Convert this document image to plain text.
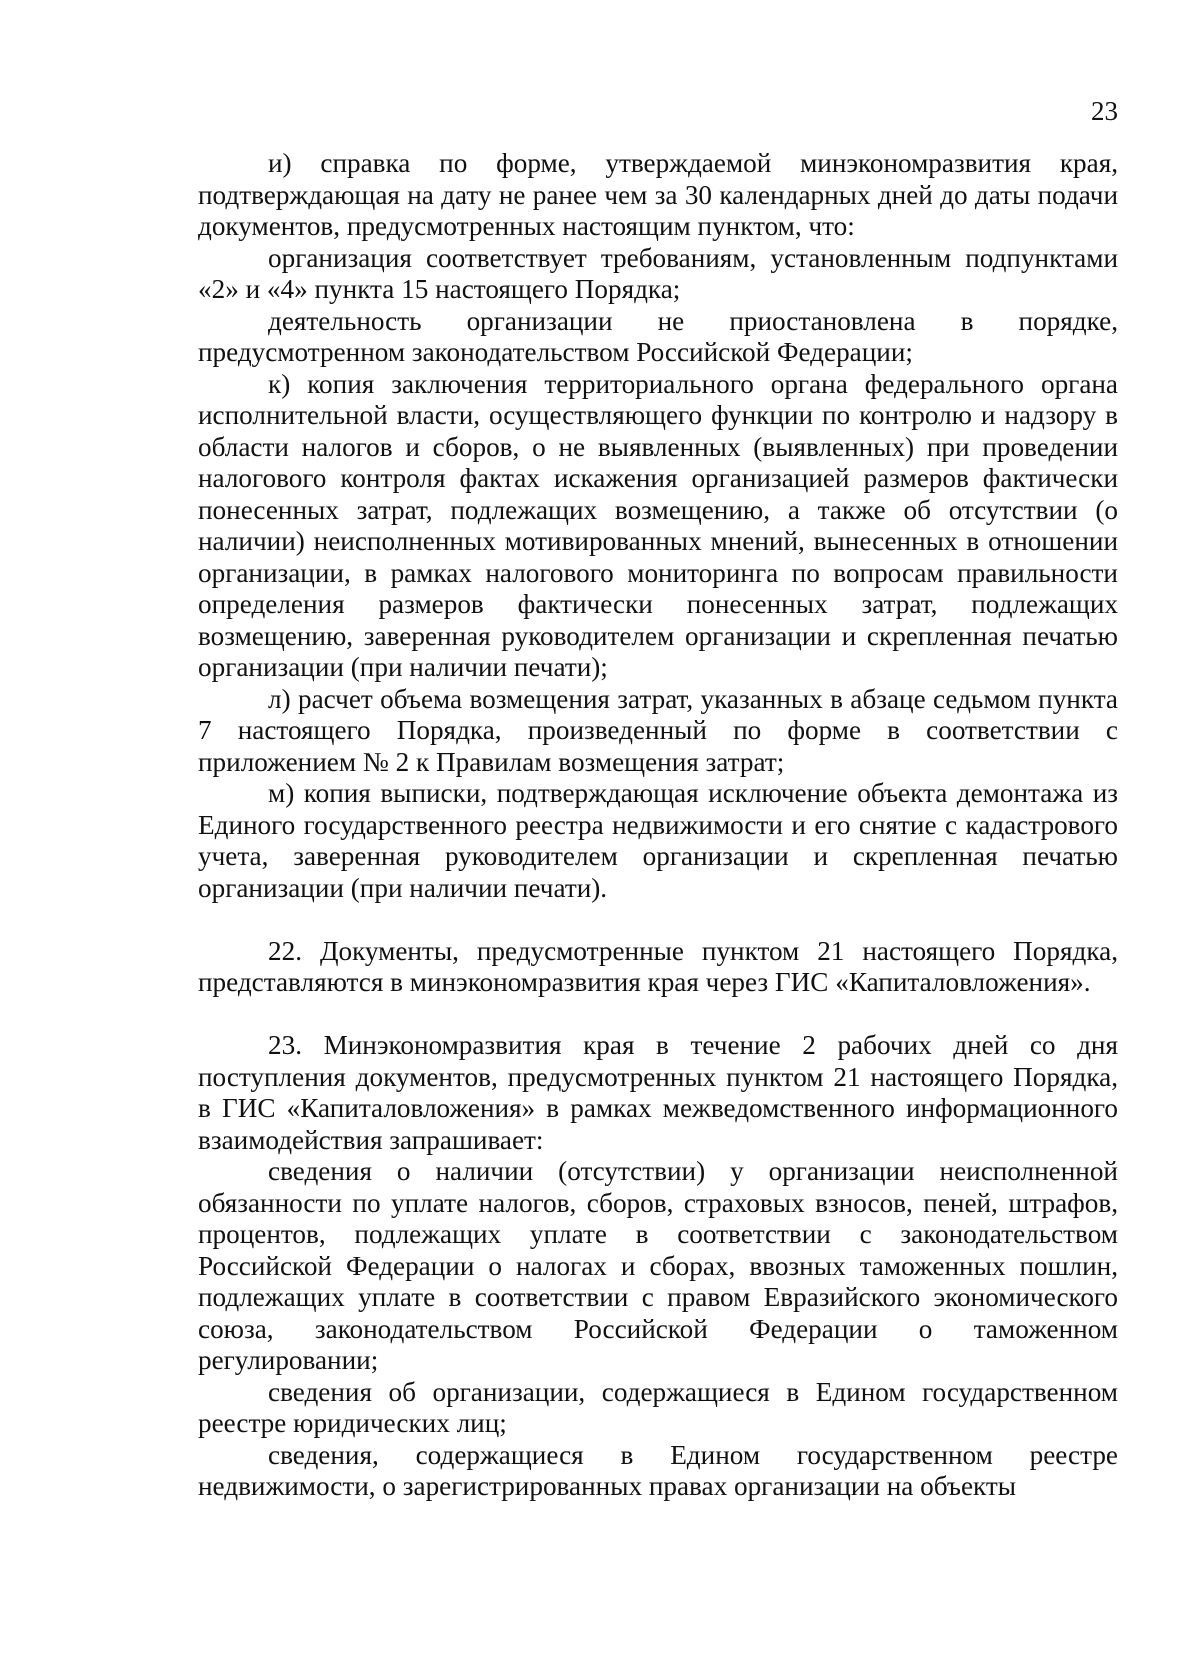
23

и) справка по форме, утверждаемой минэкономразвития края, подтверждающая на дату не ранее чем за 30 календарных дней до даты подачи документов, предусмотренных настоящим пунктом, что:

организация соответствует требованиям, установленным подпунктами «2» и «4» пункта 15 настоящего Порядка;

деятельность организации не приостановлена в порядке, предусмотренном законодательством Российской Федерации;

к) копия заключения территориального органа федерального органа исполнительной власти, осуществляющего функции по контролю и надзору в области налогов и сборов, о не выявленных (выявленных) при проведении налогового контроля фактах искажения организацией размеров фактически понесенных затрат, подлежащих возмещению, а также об отсутствии (о наличии) неисполненных мотивированных мнений, вынесенных в отношении организации, в рамках налогового мониторинга по вопросам правильности определения размеров фактически понесенных затрат, подлежащих возмещению, заверенная руководителем организации и скрепленная печатью организации (при наличии печати);

л) расчет объема возмещения затрат, указанных в абзаце седьмом пункта 7 настоящего Порядка, произведенный по форме в соответствии с приложением № 2 к Правилам возмещения затрат;

м) копия выписки, подтверждающая исключение объекта демонтажа из Единого государственного реестра недвижимости и его снятие с кадастрового учета, заверенная руководителем организации и скрепленная печатью организации (при наличии печати).

22. Документы, предусмотренные пунктом 21 настоящего Порядка, представляются в минэкономразвития края через ГИС «Капиталовложения».

23. Минэкономразвития края в течение 2 рабочих дней со дня поступления документов, предусмотренных пунктом 21 настоящего Порядка, в ГИС «Капиталовложения» в рамках межведомственного информационного взаимодействия запрашивает:

сведения о наличии (отсутствии) у организации неисполненной обязанности по уплате налогов, сборов, страховых взносов, пеней, штрафов, процентов, подлежащих уплате в соответствии с законодательством Российской Федерации о налогах и сборах, ввозных таможенных пошлин, подлежащих уплате в соответствии с правом Евразийского экономического союза, законодательством Российской Федерации о таможенном регулировании;

сведения об организации, содержащиеся в Едином государственном реестре юридических лиц;

сведения, содержащиеся в Едином государственном реестре недвижимости, о зарегистрированных правах организации на объекты
